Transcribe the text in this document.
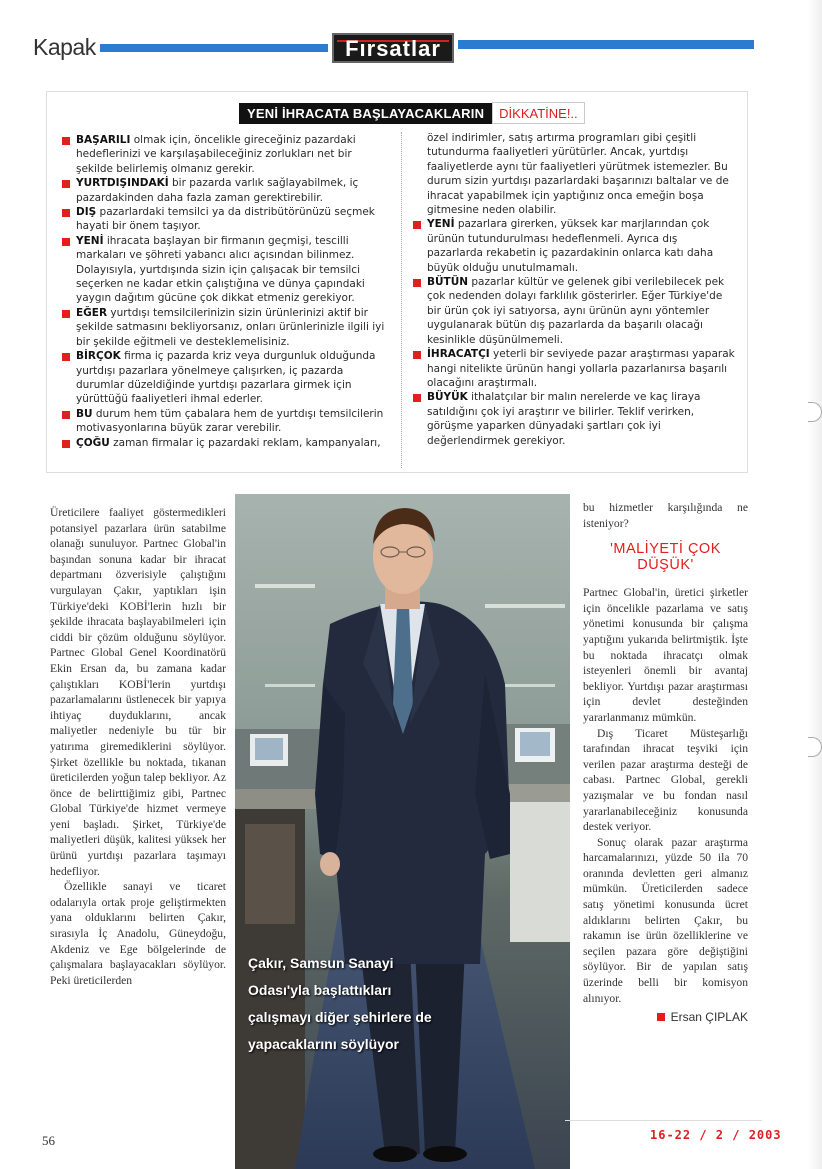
Kapak	Fırsatlar
YENİ İHRACATA BAŞLAYACAKLARIN	DİKKATİNE!..
BAŞARILI olmak için, öncelikle gireceğiniz pazardaki hedeflerinizi ve karşılaşabileceğiniz zorlukları net bir şekilde belirlemiş olmanız gerekir.
YURTDIŞINDAKİ bir pazarda varlık sağlayabilmek, iç pazardakinden daha fazla zaman gerektirebilir.
DIŞ pazarlardaki temsilci ya da distribütörünüzü seçmek hayati bir önem taşıyor.
YENİ ihracata başlayan bir firmanın geçmişi, tescilli markaları ve şöhreti yabancı alıcı açısından bilinmez. Dolayısıyla, yurtdışında sizin için çalışacak bir temsilci seçerken ne kadar etkin çalıştığına ve dünya çapındaki yaygın dağıtım gücüne çok dikkat etmeniz gerekiyor.
EĞER yurtdışı temsilcilerinizin sizin ürünlerinizi aktif bir şekilde satmasını bekliyorsanız, onları ürünlerinizle ilgili iyi bir şekilde eğitmeli ve desteklemelisiniz.
BİRÇOK firma iç pazarda kriz veya durgunluk olduğunda yurtdışı pazarlara yönelmeye çalışırken, iç pazarda durumlar düzeldiğinde yurtdışı pazarlara girmek için yürüttüğü faaliyetleri ihmal ederler.
BU durum hem tüm çabalara hem de yurtdışı temsilcilerin motivasyonlarına büyük zarar verebilir.
ÇOĞU zaman firmalar iç pazardaki reklam, kampanyaları,
özel indirimler, satış artırma programları gibi çeşitli tutundurma faaliyetleri yürütürler. Ancak, yurtdışı faaliyetlerde aynı tür faaliyetleri yürütmek istemezler. Bu durum sizin yurtdışı pazarlardaki başarınızı baltalar ve de ihracat yapabilmek için yaptığınız onca emeğin boşa gitmesine neden olabilir.
YENİ pazarlara girerken, yüksek kar marjlarından çok ürünün tutundurulması hedeflenmeli. Ayrıca dış pazarlarda rekabetin iç pazardakinin onlarca katı daha büyük olduğu unutulmamalı.
BÜTÜN pazarlar kültür ve gelenek gibi verilebilecek pek çok nedenden dolayı farklılık gösterirler. Eğer Türkiye'de bir ürün çok iyi satıyorsa, aynı ürünün aynı yöntemler uygulanarak bütün dış pazarlarda da başarılı olacağı kesinlikle düşünülmemeli.
İHRACATÇI yeterli bir seviyede pazar araştırması yaparak hangi nitelikte ürünün hangi yollarla pazarlanırsa başarılı olacağını araştırmalı.
BÜYÜK ithalatçılar bir malın nerelerde ve kaç liraya satıldığını çok iyi araştırır ve bilirler. Teklif verirken, görüşme yaparken dünyadaki şartları çok iyi değerlendirmek gerekiyor.

Üreticilere faaliyet göstermedikleri potansiyel pazarlara ürün satabilme olanağı sunuluyor. Partnec Global'in başından sonuna kadar bir ihracat departmanı özverisiyle çalıştığını vurgulayan Çakır, yaptıkları işin Türkiye'deki KOBİ'lerin hızlı bir şekilde ihracata başlayabilmeleri için ciddi bir çözüm olduğunu söylüyor. Partnec Global Genel Koordinatörü Ekin Ersan da, bu zamana kadar çalıştıkları KOBİ'lerin yurtdışı pazarlamalarını üstlenecek bir yapıya ihtiyaç duyduklarını, ancak maliyetler nedeniyle bu tür bir yatırıma giremediklerini söylüyor. Şirket özellikle bu noktada, tıkanan üreticilerden yoğun talep bekliyor. Az önce de belirttiğimiz gibi, Partnec Global Türkiye'de hizmet vermeye yeni başladı. Şirket, Türkiye'de maliyetleri düşük, kalitesi yüksek her ürünü yurtdışı pazarlara taşımayı hedefliyor.

Özellikle sanayi ve ticaret odalarıyla ortak proje geliştirmekten yana olduklarını belirten Çakır, sırasıyla İç Anadolu, Güneydoğu, Akdeniz ve Ege bölgelerinde de çalışmalara başlayacakları söylüyor. Peki üreticilerden

Çakır, Samsun Sanayi Odası'yla başlattıkları çalışmayı diğer şehirlere de yapacaklarını söylüyor

bu hizmetler karşılığında ne isteniyor?

'MALİYETİ ÇOK DÜŞÜK'

Partnec Global'in, üretici şirketler için öncelikle pazarlama ve satış yönetimi konusunda bir çalışma yaptığını yukarıda belirtmiştik. İşte bu noktada ihracatçı olmak isteyenleri önemli bir avantaj bekliyor. Yurtdışı pazar araştırması için devlet desteğinden yararlanmanız mümkün.

Dış Ticaret Müsteşarlığı tarafından ihracat teşviki için verilen pazar araştırma desteği de cabası. Partnec Global, gerekli yazışmalar ve bu fondan nasıl yararlanabileceğiniz konusunda destek veriyor.

Sonuç olarak pazar araştırma harcamalarınızı, yüzde 50 ila 70 oranında devletten geri almanız mümkün. Üreticilerden sadece satış yönetimi konusunda ücret aldıklarını belirten Çakır, bu rakamın ise ürün özelliklerine ve seçilen pazara göre değiştiğini söylüyor. Bir de yapılan satış üzerinde belli bir komisyon alınıyor.

Ersan ÇIPLAK
56	16-22 / 2 / 2003
